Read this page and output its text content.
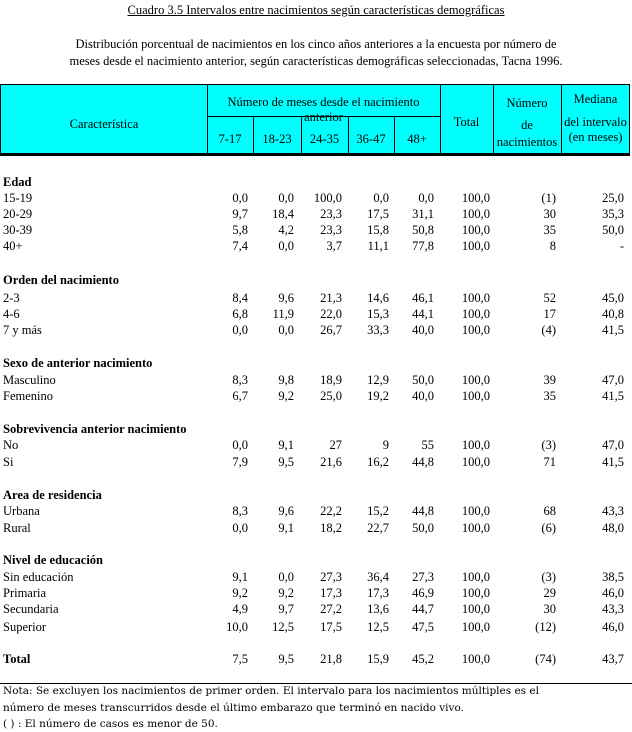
Cuadro 3.5 Intervalos entre nacimientos según características demográficas
Distribución porcentual de nacimientos en los cinco años anteriores a la encuesta por número de
meses desde el nacimiento anterior, según características demográficas seleccionadas, Tacna 1996.
Característica
Número de meses desde el nacimiento anterior
7-17	18-23	24-35	36-47	48+
Total
Número
de
nacimientos
Mediana
del intervalo
(en meses)
Edad
15-19	0,0 0,0 100,0	0,0 0,0 100,0	(1)	25,0
20-29	9,7 18,4 23,3 17,5 31,1 100,0	30	35,3
30-39	5,8 4,2 23,3 15,8 50,8 100,0	35	50,0
40+	7,4 0,0	3,7 11,1 77,8 100,0	8	-
Orden del nacimiento
2-3	8,4 9,6 21,3 14,6 46,1 100,0	52	45,0
4-6	6,8 11,9 22,0 15,3 44,1 100,0	17	40,8
7 y más	0,0 0,0 26,7 33,3 40,0 100,0	(4)	41,5
Sexo de anterior nacimiento
Masculino	8,3 9,8 18,9 12,9 50,0 100,0	39	47,0
Femenino	6,7 9,2 25,0 19,2 40,0 100,0	35	41,5
Sobrevivencia anterior nacimiento
No	0,0 9,1	27	9	55 100,0	(3)	47,0
Si	7,9 9,5 21,6 16,2 44,8 100,0	71	41,5
Area de residencia
Urbana	8,3 9,6 22,2 15,2 44,8 100,0	68	43,3
Rural	0,0 9,1 18,2 22,7 50,0 100,0	(6)	48,0
Nivel de educación
Sin educación	9,1 0,0 27,3 36,4 27,3 100,0	(3)	38,5
Primaria	9,2 9,2 17,3 17,3 46,9 100,0	29	46,0
Secundaria	4,9 9,7 27,2 13,6 44,7 100,0	30	43,3
Superior	10,0 12,5 17,5 12,5 47,5 100,0	(12)	46,0
Total	7,5 9,5 21,8 15,9 45,2 100,0	(74)	43,7
Nota: Se excluyen los nacimientos de primer orden. El intervalo para los nacimientos múltiples es el
número de meses transcurridos desde el último embarazo que terminó en nacido vivo.
( ) : El número de casos es menor de 50.
